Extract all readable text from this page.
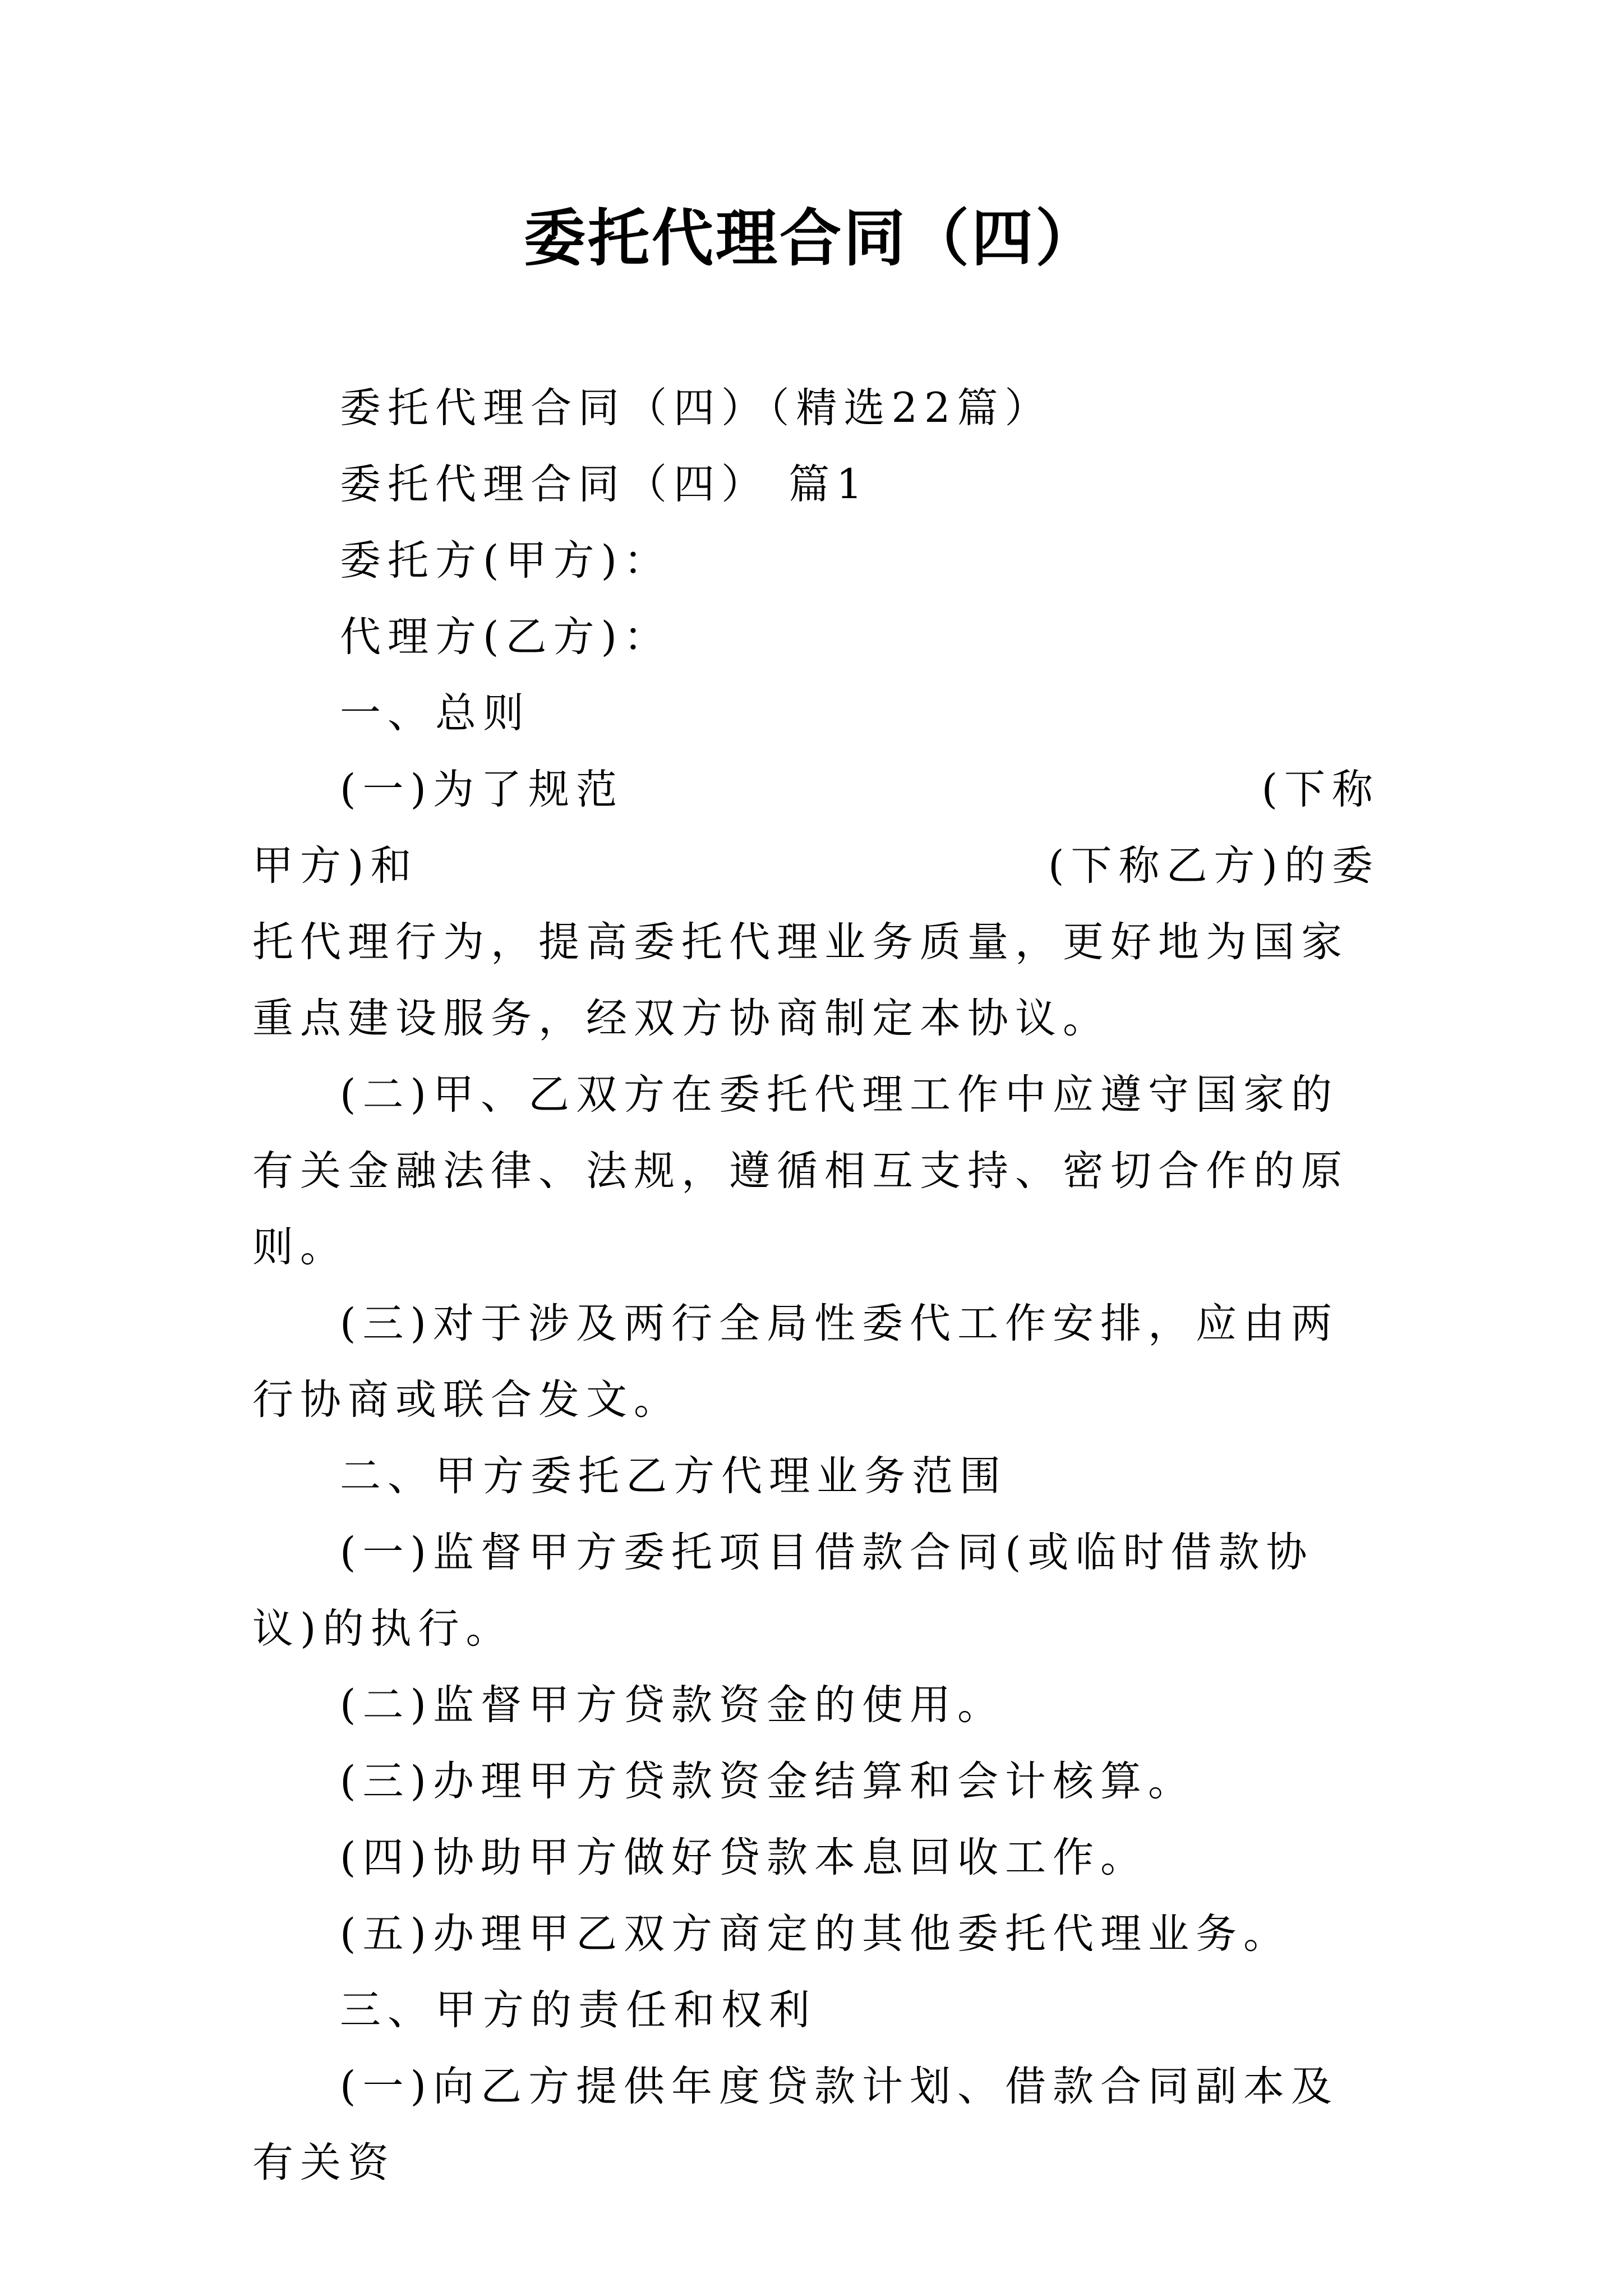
委托代理合同（四）

委托代理合同（四）（精选22篇）

委托代理合同（四） 篇1

委托方(甲方)：

代理方(乙方)：

一、总则

(一)为了规范	(下称
甲方)和	(下称乙方)的委

托代理行为，提高委托代理业务质量，更好地为国家重点建设服务，经双方协商制定本协议。

(二)甲、乙双方在委托代理工作中应遵守国家的有关金融法律、法规，遵循相互支持、密切合作的原则。

(三)对于涉及两行全局性委代工作安排，应由两行协商或联合发文。

二、甲方委托乙方代理业务范围

(一)监督甲方委托项目借款合同(或临时借款协议)的执行。

(二)监督甲方贷款资金的使用。

(三)办理甲方贷款资金结算和会计核算。

(四)协助甲方做好贷款本息回收工作。

(五)办理甲乙双方商定的其他委托代理业务。

三、甲方的责任和权利

(一)向乙方提供年度贷款计划、借款合同副本及有关资
